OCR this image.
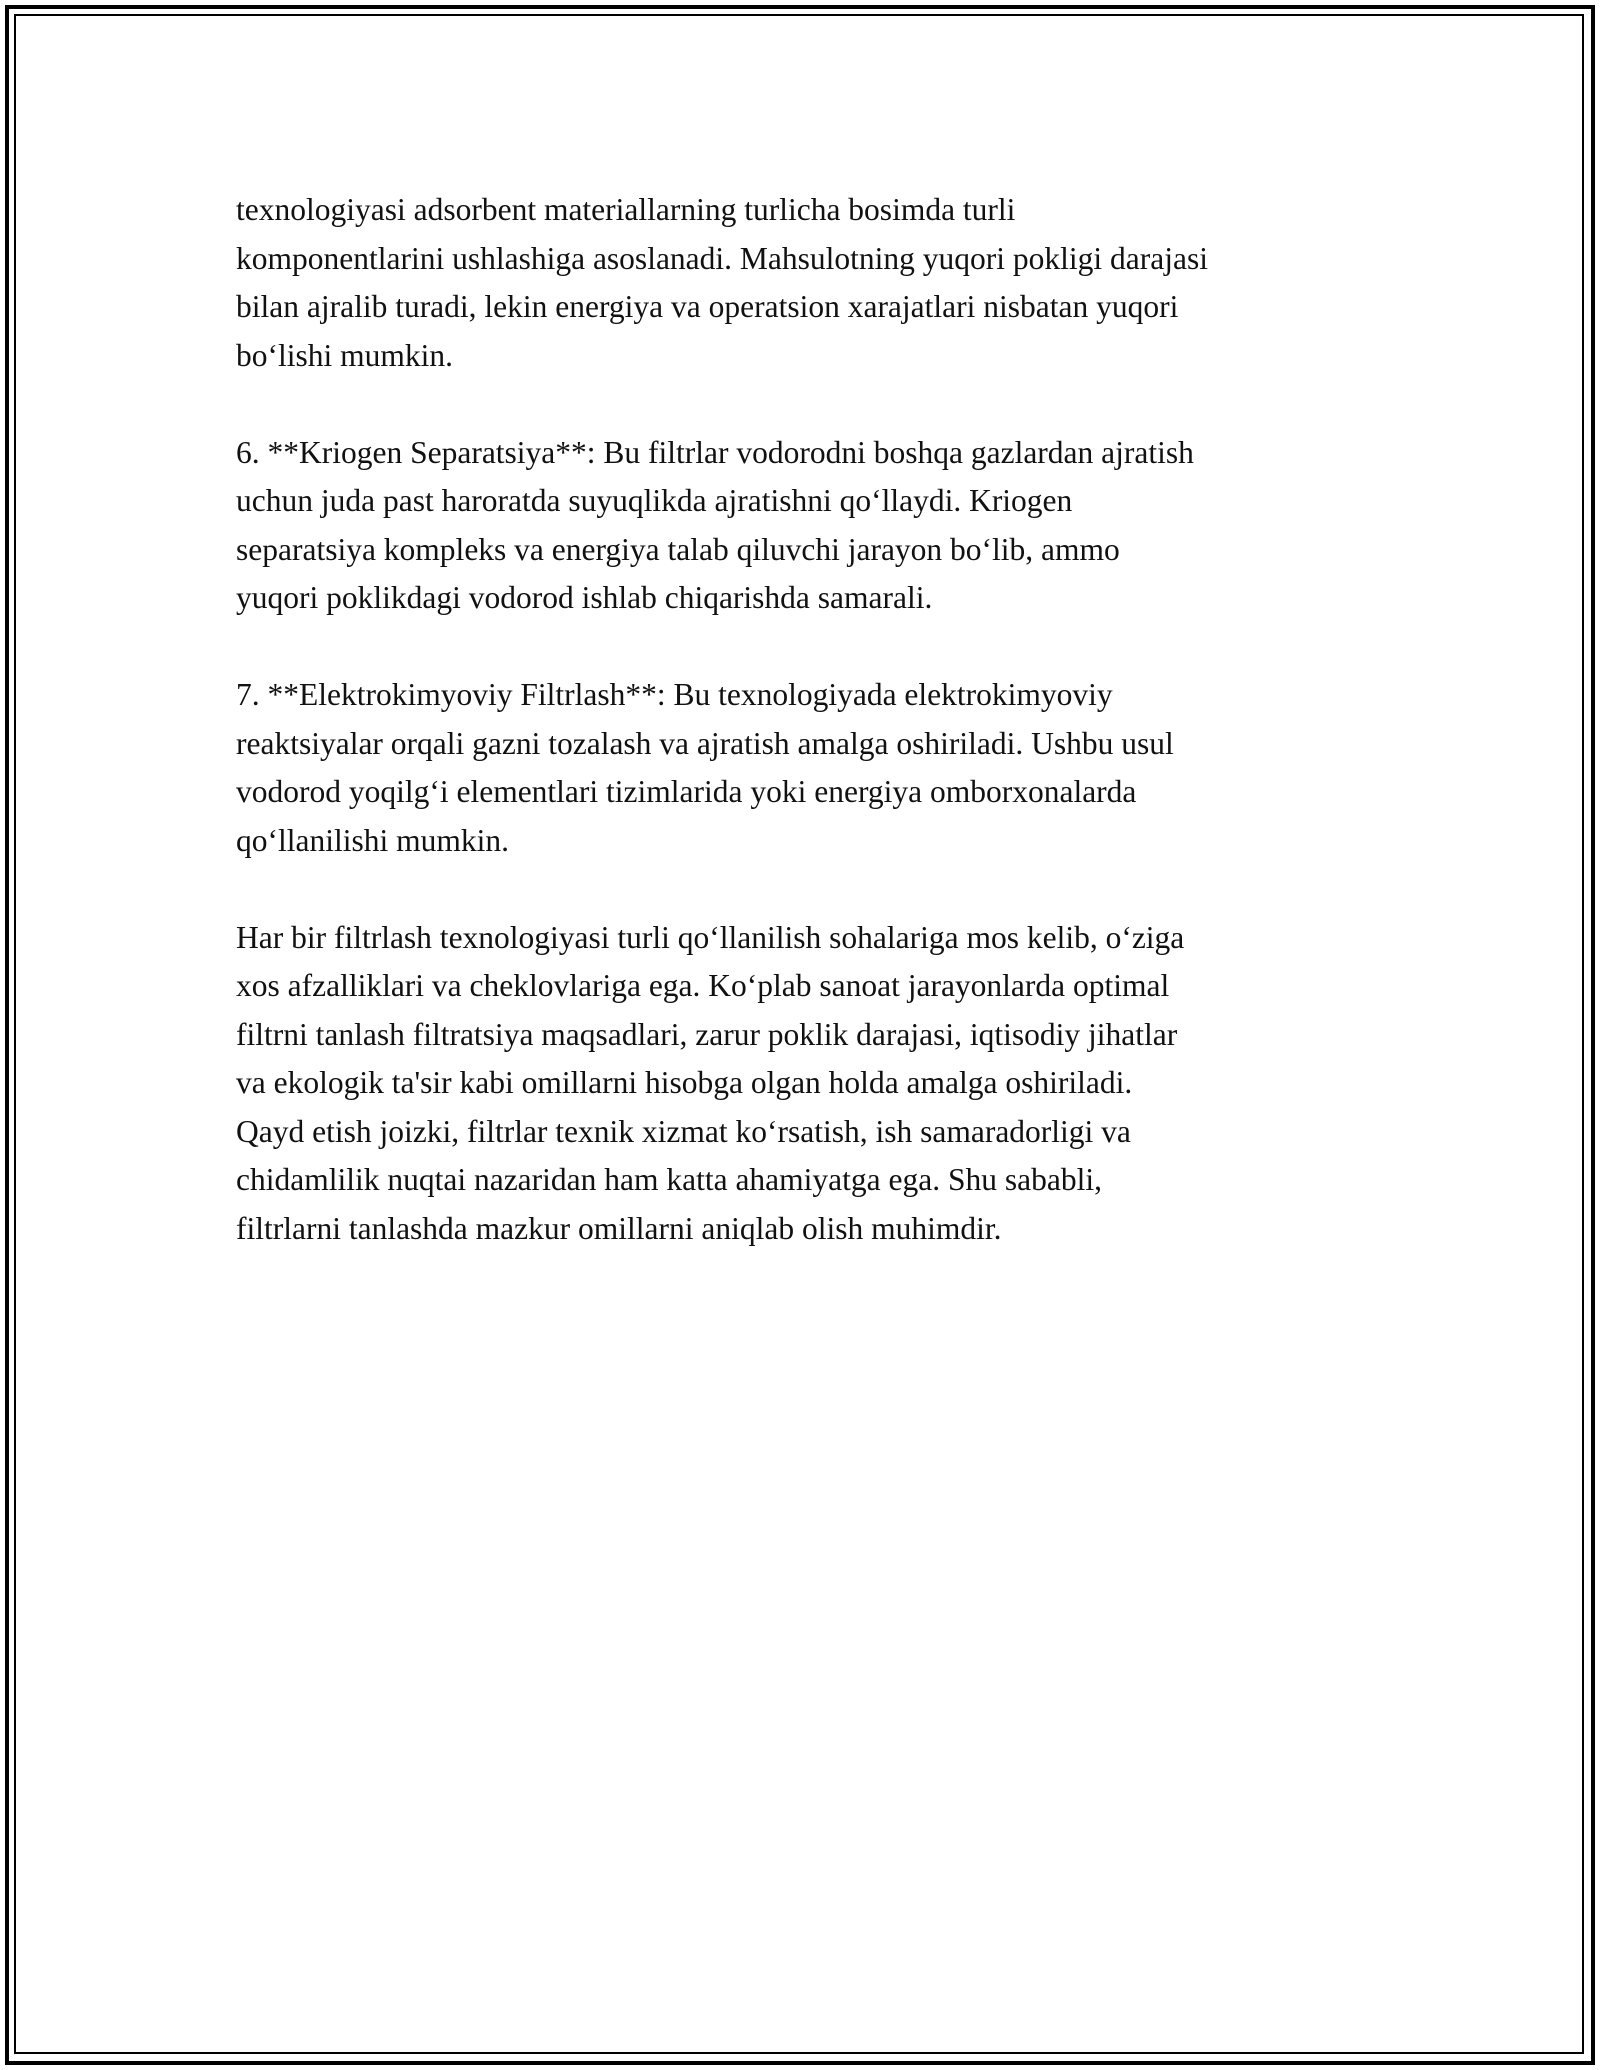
texnologiyasi adsorbent materiallarning turlicha bosimda turli
komponentlarini ushlashiga asoslanadi. Mahsulotning yuqori pokligi darajasi
bilan ajralib turadi, lekin energiya va operatsion xarajatlari nisbatan yuqori
bo‘lishi mumkin.

6. **Kriogen Separatsiya**: Bu filtrlar vodorodni boshqa gazlardan ajratish
uchun juda past haroratda suyuqlikda ajratishni qo‘llaydi. Kriogen
separatsiya kompleks va energiya talab qiluvchi jarayon bo‘lib, ammo
yuqori poklikdagi vodorod ishlab chiqarishda samarali.

7. **Elektrokimyoviy Filtrlash**: Bu texnologiyada elektrokimyoviy
reaktsiyalar orqali gazni tozalash va ajratish amalga oshiriladi. Ushbu usul
vodorod yoqilg‘i elementlari tizimlarida yoki energiya omborxonalarda
qo‘llanilishi mumkin.

Har bir filtrlash texnologiyasi turli qo‘llanilish sohalariga mos kelib, o‘ziga
xos afzalliklari va cheklovlariga ega. Ko‘plab sanoat jarayonlarda optimal
filtrni tanlash filtratsiya maqsadlari, zarur poklik darajasi, iqtisodiy jihatlar
va ekologik ta'sir kabi omillarni hisobga olgan holda amalga oshiriladi.
Qayd etish joizki, filtrlar texnik xizmat ko‘rsatish, ish samaradorligi va
chidamlilik nuqtai nazaridan ham katta ahamiyatga ega. Shu sababli,
filtrlarni tanlashda mazkur omillarni aniqlab olish muhimdir.
